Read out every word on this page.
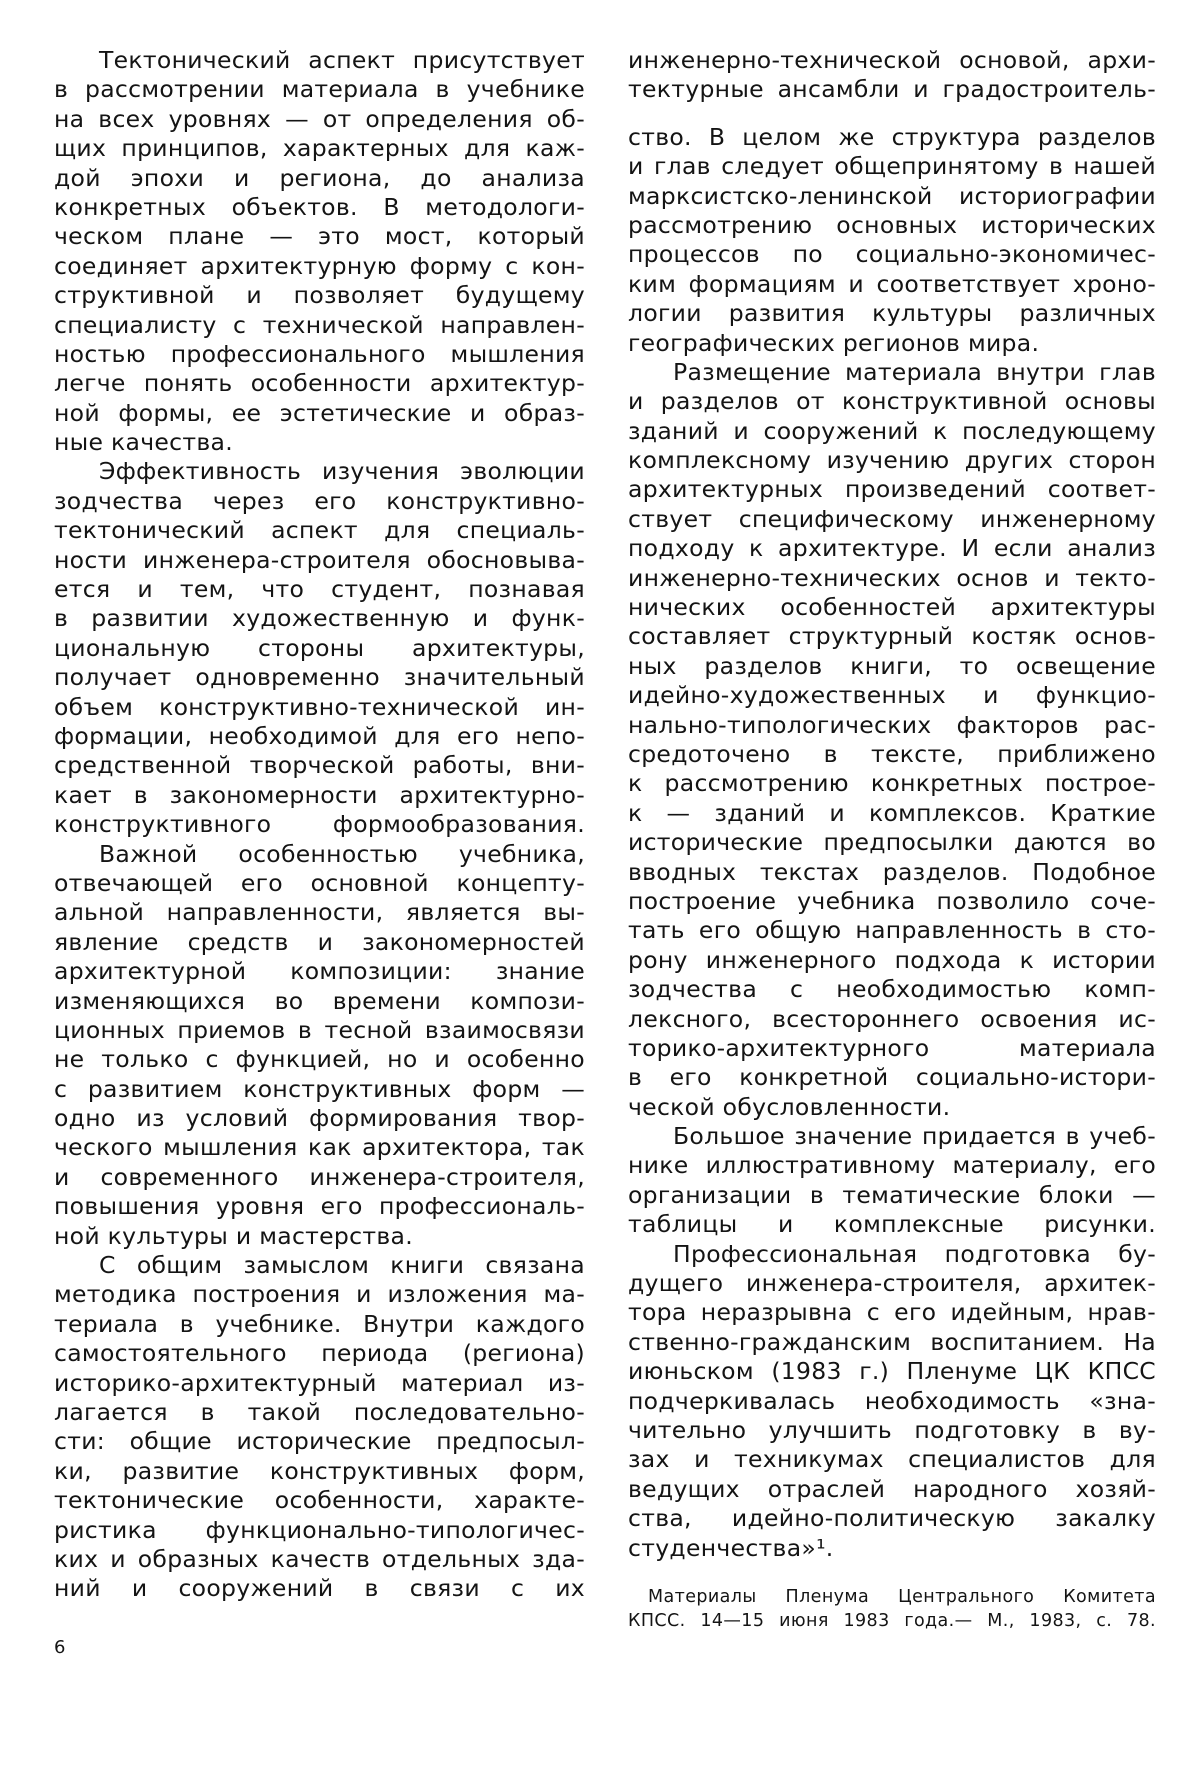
Тектонический аспект присутствует
в рассмотрении материала в учебнике
на всех уровнях — от определения об-
щих принципов, характерных для каж-
дой эпохи и региона, до анализа
конкретных объектов. В методологи-
ческом плане — это мост, который
соединяет архитектурную форму с кон-
структивной и позволяет будущему
специалисту с технической направлен-
ностью профессионального мышления
легче понять особенности архитектур-
ной формы, ее эстетические и образ-
ные качества.
Эффективность изучения эволюции
зодчества через его конструктивно-
тектонический аспект для специаль-
ности инженера-строителя обосновыва-
ется и тем, что студент, познавая
в развитии художественную и функ-
циональную стороны архитектуры,
получает одновременно значительный
объем конструктивно-технической ин-
формации, необходимой для его непо-
средственной творческой работы, вни-
кает в закономерности архитектурно-
конструктивного формообразования.
Важной особенностью учебника,
отвечающей его основной концепту-
альной направленности, является вы-
явление средств и закономерностей
архитектурной композиции: знание
изменяющихся во времени компози-
ционных приемов в тесной взаимосвязи
не только с функцией, но и особенно
с развитием конструктивных форм —
одно из условий формирования твор-
ческого мышления как архитектора, так
и современного инженера-строителя,
повышения уровня его профессиональ-
ной культуры и мастерства.
С общим замыслом книги связана
методика построения и изложения ма-
териала в учебнике. Внутри каждого
самостоятельного периода (региона)
историко-архитектурный материал из-
лагается в такой последовательно-
сти: общие исторические предпосыл-
ки, развитие конструктивных форм,
тектонические особенности, характе-
ристика функционально-типологичес-
ких и образных качеств отдельных зда-
ний и сооружений в связи с их
инженерно-технической основой, архи-
тектурные ансамбли и градостроитель-
ство. В целом же структура разделов
и глав следует общепринятому в нашей
марксистско-ленинской историографии
рассмотрению основных исторических
процессов по социально-экономичес-
ким формациям и соответствует хроно-
логии развития культуры различных
географических регионов мира.
Размещение материала внутри глав
и разделов от конструктивной основы
зданий и сооружений к последующему
комплексному изучению других сторон
архитектурных произведений соответ-
ствует специфическому инженерному
подходу к архитектуре. И если анализ
инженерно-технических основ и текто-
нических особенностей архитектуры
составляет структурный костяк основ-
ных разделов книги, то освещение
идейно-художественных и функцио-
нально-типологических факторов рас-
средоточено в тексте, приближено
к рассмотрению конкретных построе-
к — зданий и комплексов. Краткие
исторические предпосылки даются во
вводных текстах разделов. Подобное
построение учебника позволило соче-
тать его общую направленность в сто-
рону инженерного подхода к истории
зодчества с необходимостью комп-
лексного, всестороннего освоения ис-
торико-архитектурного материала
в его конкретной социально-истори-
ческой обусловленности.
Большое значение придается в учеб-
нике иллюстративному материалу, его
организации в тематические блоки —
таблицы и комплексные рисунки.
Профессиональная подготовка бу-
дущего инженера-строителя, архитек-
тора неразрывна с его идейным, нрав-
ственно-гражданским воспитанием. На
июньском (1983 г.) Пленуме ЦК КПСС
подчеркивалась необходимость «зна-
чительно улучшить подготовку в ву-
зах и техникумах специалистов для
ведущих отраслей народного хозяй-
ства, идейно-политическую закалку
студенчества»¹.
Материалы Пленума Центрального Комитета
КПСС. 14—15 июня 1983 года.— М., 1983, с. 78.
6
